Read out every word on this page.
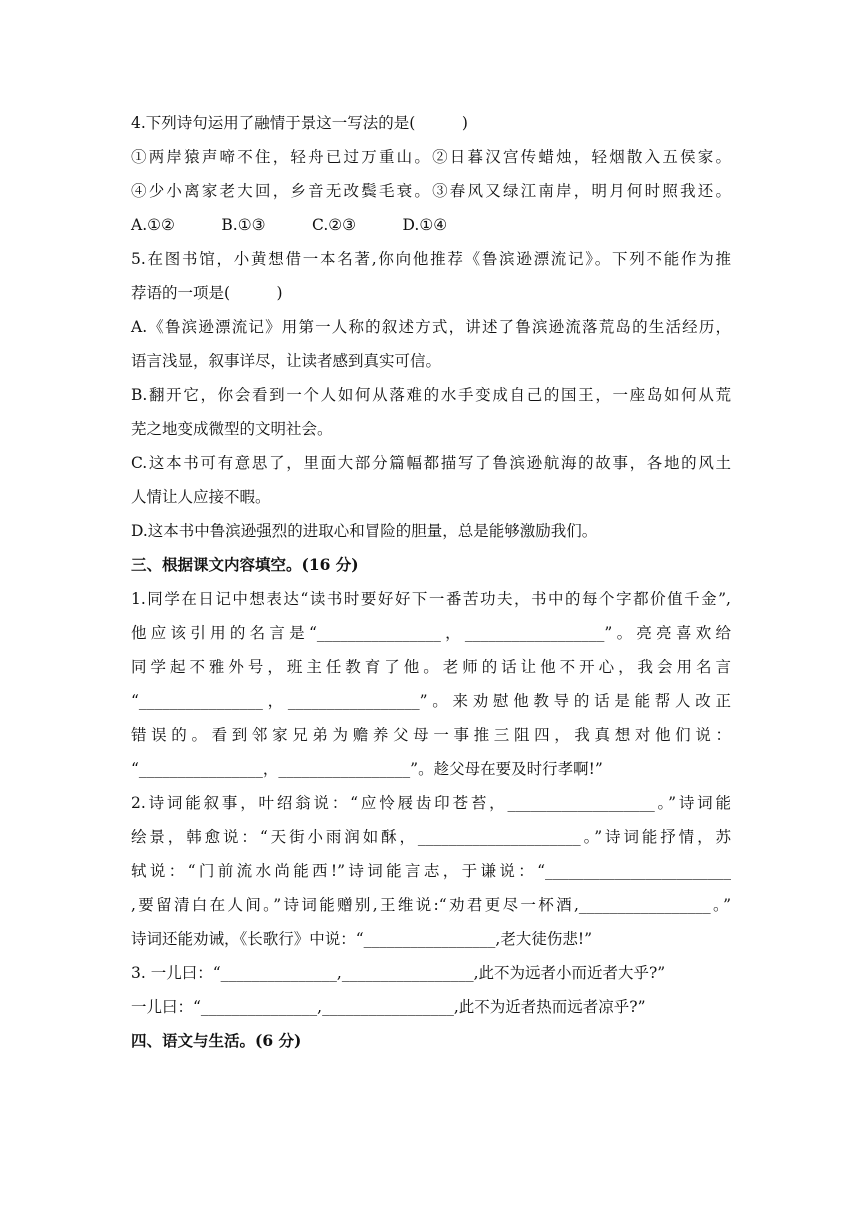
4.下列诗句运用了融情于景这一写法的是(　　　)
①两岸猿声啼不住，轻舟已过万重山。②日暮汉宫传蜡烛，轻烟散入五侯家。
④少小离家老大回，乡音无改鬓毛衰。③春风又绿江南岸，明月何时照我还。
A.①②　　　B.①③　　　C.②③　　　D.①④
5.在图书馆，小黄想借一本名著,你向他推荐《鲁滨逊漂流记》。下列不能作为推
荐语的一项是(　　　)
A.《鲁滨逊漂流记》用第一人称的叙述方式，讲述了鲁滨逊流落荒岛的生活经历，
语言浅显，叙事详尽，让读者感到真实可信。
B.翻开它，你会看到一个人如何从落难的水手变成自己的国王，一座岛如何从荒
芜之地变成微型的文明社会。
C.这本书可有意思了，里面大部分篇幅都描写了鲁滨逊航海的故事，各地的风土
人情让人应接不暇。
D.这本书中鲁滨逊强烈的进取心和冒险的胆量，总是能够激励我们。
三、根据课文内容填空。(16 分)
1.同学在日记中想表达“读书时要好好下一番苦功夫，书中的每个字都价值千金”,
他应该引用的名言是“________________，__________________”。亮亮喜欢给
同学起不雅外号，班主任教育了他。老师的话让他不开心，我会用名言
“________________，_________________”。来劝慰他教导的话是能帮人改正
错误的。看到邻家兄弟为赡养父母一事推三阻四，我真想对他们说：
“________________，_________________”。趁父母在要及时行孝啊!”
2.诗词能叙事，叶绍翁说：“应怜屐齿印苍苔，___________________。”诗词能
绘景，韩愈说：“天街小雨润如酥，_____________________。”诗词能抒情，苏
轼说：“门前流水尚能西!”诗词能言志，于谦说：“________________________
,要留清白在人间。”诗词能赠别,王维说:“劝君更尽一杯酒,_________________。”
诗词还能劝诫，《长歌行》中说：“_________________,老大徒伤悲!”
3. 一儿曰：“_______________,_________________,此不为远者小而近者大乎?”
一儿曰：“_______________,_________________,此不为近者热而远者凉乎?”
四、语文与生活。(6 分)
